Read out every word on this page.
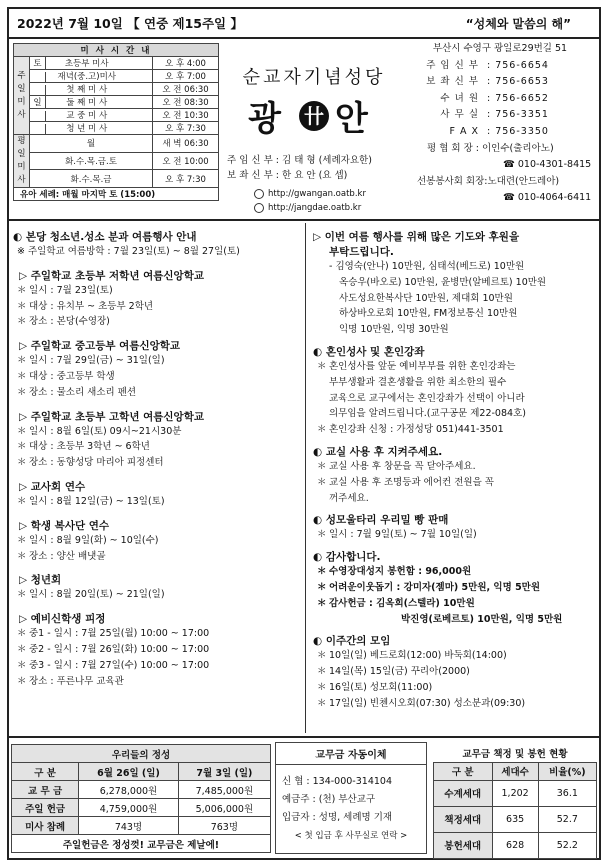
2022년 7월 10일 【 연중 제15주일 】	“성체와 말씀의 해”
미 사 시 간 내		
주일미사	토 초등부 미사	오 후 4:00
	재녁(중.고)미사	오 후 7:00
	첫 째 미 사	오 전 06:30
	일 둘 째 미 사	오 전 08:30
	교 중 미 사	오 전 10:30
	청 년 미 사	오 후 7:30
평일미사	월	새 벽 06:30
	화.수.목.금.토	오 전 10:00
	화.수.목.금	오 후 7:30
유아 세례: 매월 마지막 토 (15:00)		
순교자기념성당
광 卄 안
주 임 신 부 : 김 태 형 (세례자요한)
보 좌 신 부 : 한 요 안 (요 셉)
http://gwangan.oatb.kr
http://jangdae.oatb.kr
부산시 수영구 광일로29번길 51
주 임 신 부 : 756-6654
보 좌 신 부 : 756-6653
수 녀 원 : 756-6652
사 무 실 : 756-3351
F A X : 756-3350
평 협 회 장 : 이인수(출리아노)
☎ 010-4301-8415
선봉봉사회 회장:노대련(안드레아)
☎ 010-4064-6411
◐ 본당 청소년.성소 분과 여름행사 안내
※ 주일학교 여름방학 : 7월 23일(토) ~ 8월 27일(토)
▷ 주일학교 초등부 저학년 여름신앙학교
＊ 일시 : 7월 23일(토)
＊ 대상 : 유치부 ~ 초등부 2학년
＊ 장소 : 본당(수영장)
▷ 주일학교 중고등부 여름신앙학교
＊ 일시 : 7월 29일(금) ~ 31일(일)
＊ 대상 : 중고등부 학생
＊ 장소 : 물소리 새소리 펜션
▷ 주일학교 초등부 고학년 여름신앙학교
＊ 일시 : 8월 6일(토) 09시~21시30분
＊ 대상 : 초등부 3학년 ~ 6학년
＊ 장소 : 동향성당 마리아 피정센터
▷ 교사회 연수
＊ 일시 : 8월 12일(금) ~ 13일(토)
▷ 학생 복사단 연수
＊ 일시 : 8월 9일(화) ~ 10일(수)
＊ 장소 : 양산 배냇골
▷ 청년회
＊ 일시 : 8월 20일(토) ~ 21일(일)
▷ 예비신학생 피정
＊ 중1 - 일시 : 7월 25일(월) 10:00 ~ 17:00
＊ 중2 - 일시 : 7월 26일(화) 10:00 ~ 17:00
＊ 중3 - 일시 : 7월 27일(수) 10:00 ~ 17:00
＊ 장소 : 푸른나무 교육관
▷ 이번 여름 행사를 위해 많은 기도와 후원을
부탁드립니다.
- 김영숙(안나) 10만원, 심태석(베드로) 10만원
옥승우(바오로) 10만원, 윤병만(알베르토) 10만원
사도성요한복사단 10만원, 제대회 10만원
하상바오로회 10만원, FM정보통신 10만원
익명 10만원, 익명 30만원
◐ 혼인성사 및 혼인강좌
＊ 혼인성사를 앞둔 예비부부를 위한 혼인강좌는
부부생활과 결혼생활을 위한 최소한의 필수
교육으로 교구에서는 혼인강좌가 선택이 아니라
의무임을 알려드립니다.(교구공문 제22-084호)
＊ 혼인강좌 신청 : 가정성당 051)441-3501
◐ 교실 사용 후 지켜주세요.
＊ 교실 사용 후 창문을 꼭 닫아주세요.
＊ 교실 사용 후 조명등과 에어컨 전원을 꼭
꺼주세요.
◐ 성모울타리 우리밀 빵 판매
＊ 일시 : 7월 9일(토) ~ 7월 10일(일)
◐ 감사합니다.
＊ 수영장대성지 봉헌함 : 96,000원
＊ 어려운이웃돕기 : 강미자(젬마) 5만원, 익명 5만원
＊ 감사헌금 : 김옥희(스텔라) 10만원
박진영(로베르토) 10만원, 익명 5만원
◐ 이주간의 모임
＊ 10일(일) 베드로회(12:00) 바둑회(14:00)
＊ 14일(목) 15일(금) 꾸리아(2000)
＊ 16일(토) 성모회(11:00)
＊ 17일(일) 빈첸시오회(07:30) 성소분과(09:30)
우리들의 정성		
구 분	6월 26일 (일)	7월 3일 (일)
교 무 금	6,278,000원	7,485,000원
주일 헌금	4,759,000원	5,006,000원
미사 참례	743명	763명
주일헌금은 정성껏! 교무금은 제날에!		
교무금 자동이체
신 협 : 134-000-314104
예금주 : (천) 부산교구
입금자 : 성명, 세례명 기재
< 첫 입금 후 사무실로 연락 >
교무금 책정 및 봉헌 현황		
구 분	세대수	비율(%)
수계세대	1,202	36.1
책정세대	635	52.7
봉헌세대	628	52.2
